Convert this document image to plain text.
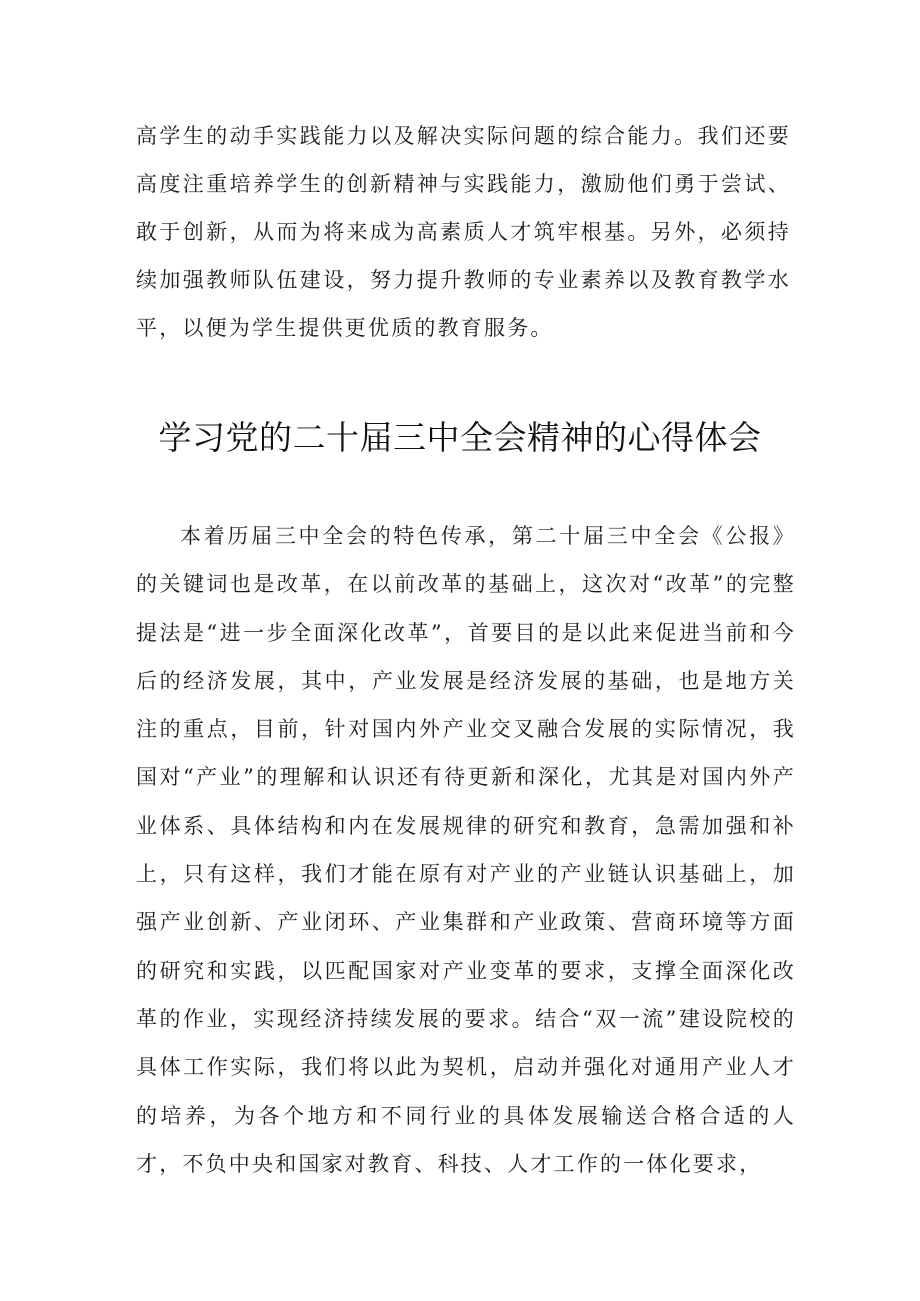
高学生的动手实践能力以及解决实际问题的综合能力。我们还要高度注重培养学生的创新精神与实践能力，激励他们勇于尝试、敢于创新，从而为将来成为高素质人才筑牢根基。另外，必须持续加强教师队伍建设，努力提升教师的专业素养以及教育教学水平，以便为学生提供更优质的教育服务。

学习党的二十届三中全会精神的心得体会

本着历届三中全会的特色传承，第二十届三中全会《公报》的关键词也是改革，在以前改革的基础上，这次对“改革”的完整提法是“进一步全面深化改革”，首要目的是以此来促进当前和今后的经济发展，其中，产业发展是经济发展的基础，也是地方关注的重点，目前，针对国内外产业交叉融合发展的实际情况，我国对“产业”的理解和认识还有待更新和深化，尤其是对国内外产业体系、具体结构和内在发展规律的研究和教育，急需加强和补上，只有这样，我们才能在原有对产业的产业链认识基础上，加强产业创新、产业闭环、产业集群和产业政策、营商环境等方面的研究和实践，以匹配国家对产业变革的要求，支撑全面深化改革的作业，实现经济持续发展的要求。结合“双一流”建设院校的具体工作实际，我们将以此为契机，启动并强化对通用产业人才的培养，为各个地方和不同行业的具体发展输送合格合适的人才，不负中央和国家对教育、科技、人才工作的一体化要求，
